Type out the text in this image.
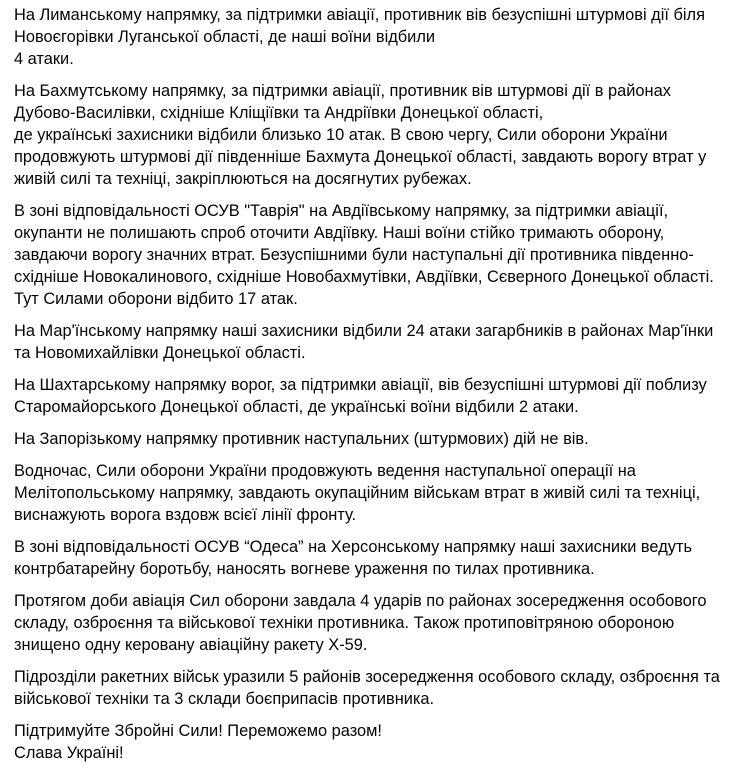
На Лиманському напрямку, за підтримки авіації, противник вів безуспішні штурмові дії біля
Новоєгорівки Луганської області, де наші воїни відбили
4 атаки.
На Бахмутському напрямку, за підтримки авіації, противник вів штурмові дії в районах
Дубово-Василівки, східніше Кліщіївки та Андріївки Донецької області,
де українські захисники відбили близько 10 атак. В свою чергу, Сили оборони України
продовжують штурмові дії південніше Бахмута Донецької області, завдають ворогу втрат у
живій силі та техніці, закріплюються на досягнутих рубежах.
В зоні відповідальності ОСУВ "Таврія" на Авдіївському напрямку, за підтримки авіації,
окупанти не полишають спроб оточити Авдіївку. Наші воїни стійко тримають оборону,
завдаючи ворогу значних втрат. Безуспішними були наступальні дії противника південно-
східніше Новокалинового, східніше Новобахмутівки, Авдіївки, Сєверного Донецької області.
Тут Силами оборони відбито 17 атак.
На Мар'їнському напрямку наші захисники відбили 24 атаки загарбників в районах Мар'їнки
та Новомихайлівки Донецької області.
На Шахтарському напрямку ворог, за підтримки авіації, вів безуспішні штурмові дії поблизу
Старомайорського Донецької області, де українські воїни відбили 2 атаки.
На Запорізькому напрямку противник наступальних (штурмових) дій не вів.
Водночас, Сили оборони України продовжують ведення наступальної операції на
Мелітопольському напрямку, завдають окупаційним військам втрат в живій силі та техніці,
виснажують ворога вздовж всієї лінії фронту.
В зоні відповідальності ОСУВ “Одеса” на Херсонському напрямку наші захисники ведуть
контрбатарейну боротьбу, наносять вогневе ураження по тилах противника.
Протягом доби авіація Сил оборони завдала 4 ударів по районах зосередження особового
складу, озброєння та військової техніки противника. Також протиповітряною обороною
знищено одну керовану авіаційну ракету Х-59.
Підрозділи ракетних військ уразили 5 районів зосередження особового складу, озброєння та
військової техніки та 3 склади боєприпасів противника.
Підтримуйте Збройні Сили! Переможемо разом!
Слава Україні!
